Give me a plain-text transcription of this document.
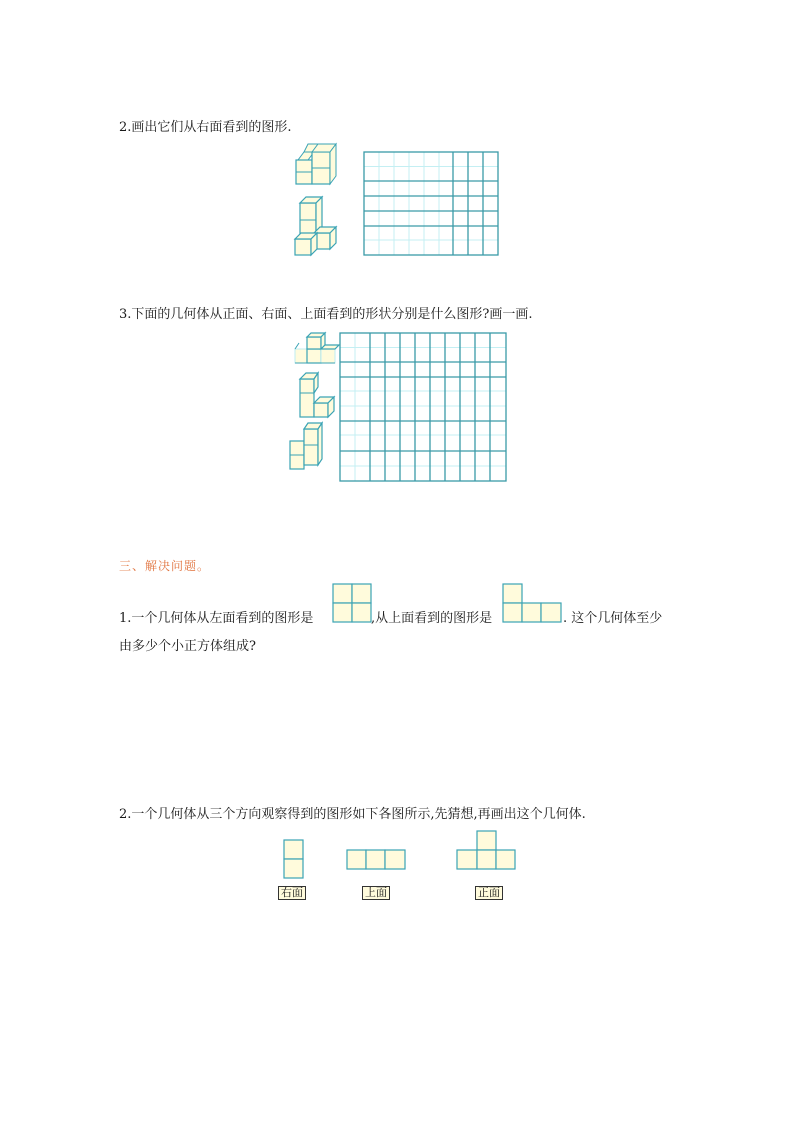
2.画出它们从右面看到的图形.
3.下面的几何体从正面、右面、上面看到的形状分别是什么图形?画一画.
三、解决问题。
1.一个几何体从左面看到的图形是	,从上面看到的图形是	. 这个几何体至少
由多少个小正方体组成?
2.一个几何体从三个方向观察得到的图形如下各图所示,先猜想,再画出这个几何体.
右面	上面	正面
